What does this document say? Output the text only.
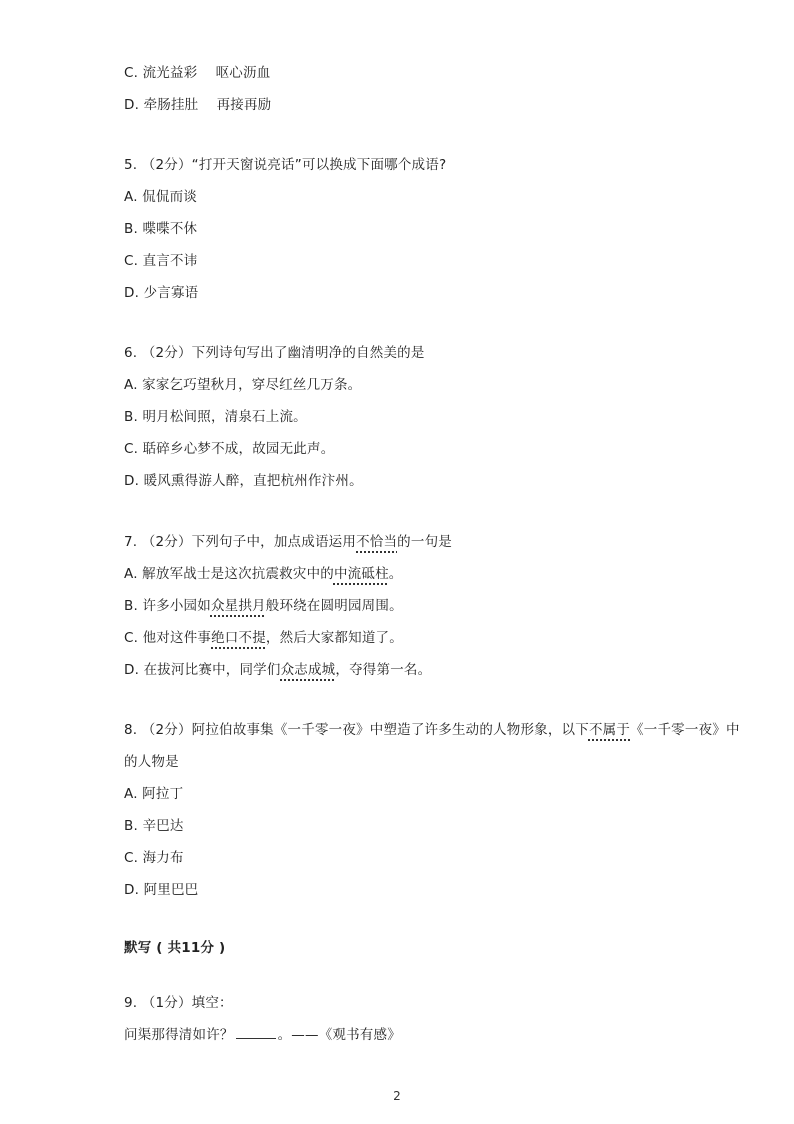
C. 流光益彩　 呕心沥血
D. 牵肠挂肚　 再接再励
5. （2分）“打开天窗说亮话”可以换成下面哪个成语?
A. 侃侃而谈
B. 喋喋不休
C. 直言不讳
D. 少言寡语
6. （2分）下列诗句写出了幽清明净的自然美的是
A. 家家乞巧望秋月，穿尽红丝几万条。
B. 明月松间照，清泉石上流。
C. 聒碎乡心梦不成，故园无此声。
D. 暖风熏得游人醉，直把杭州作汴州。
7. （2分）下列句子中，加点成语运用不恰当的一句是
A. 解放军战士是这次抗震救灾中的中流砥柱。
B. 许多小园如众星拱月般环绕在圆明园周围。
C. 他对这件事绝口不提，然后大家都知道了。
D. 在拔河比赛中，同学们众志成城，夺得第一名。
8. （2分）阿拉伯故事集《一千零一夜》中塑造了许多生动的人物形象，以下不属于《一千零一夜》中
的人物是
A. 阿拉丁
B. 辛巴达
C. 海力布
D. 阿里巴巴
默写 ( 共11分 )
9. （1分）填空：
问渠那得清如许？	。——《观书有感》
2
